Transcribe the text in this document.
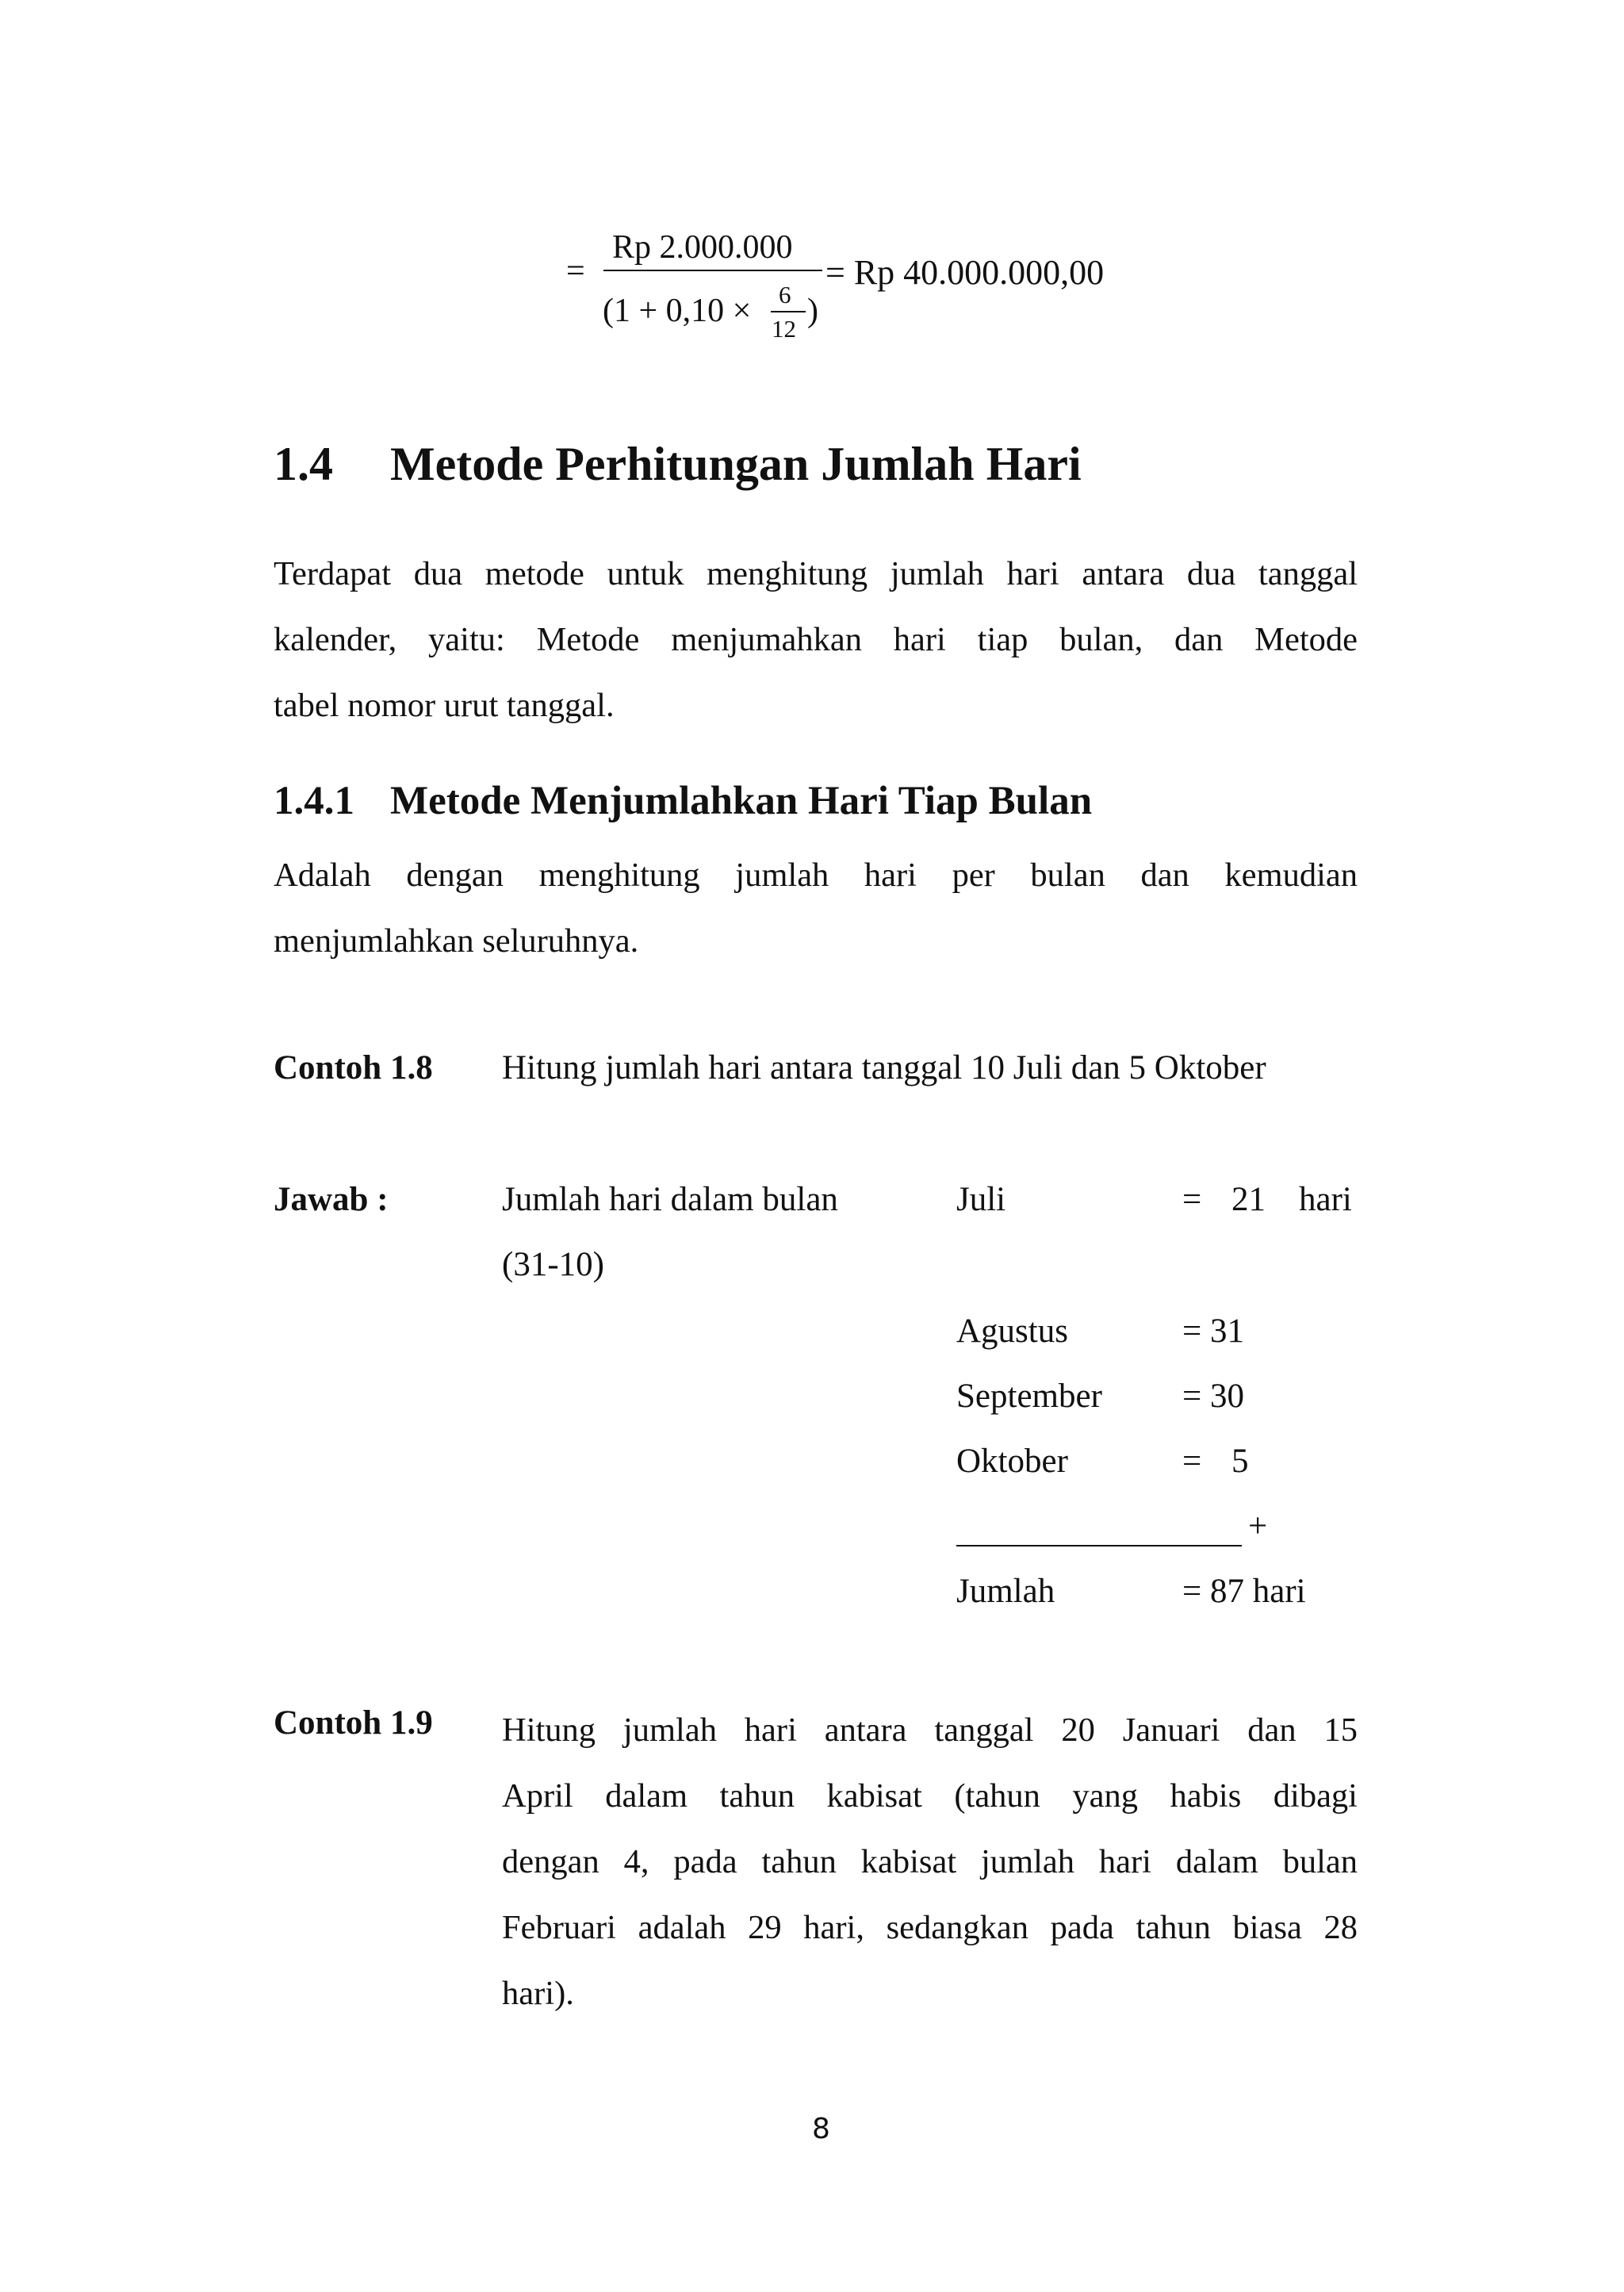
=
Rp 2.000.000
(1 + 0,10 × 6
12 )
= Rp 40.000.000,00
1.4 Metode Perhitungan Jumlah Hari
Terdapat dua metode untuk menghitung jumlah hari antara dua tanggal
kalender, yaitu: Metode menjumahkan hari tiap bulan, dan Metode
tabel nomor urut tanggal.
1.4.1 Metode Menjumlahkan Hari Tiap Bulan
Adalah dengan menghitung jumlah hari per bulan dan kemudian
menjumlahkan seluruhnya.
Contoh 1.8 Hitung jumlah hari antara tanggal 10 Juli dan 5 Oktober
Jawab :	Jumlah hari dalam bulan
(31-10)
Juli	= 21 hari
Agustus	= 31
September = 30
Oktober	= 5
+
Jumlah	= 87 hari
Contoh 1.9 Hitung jumlah hari antara tanggal 20 Januari dan 15
April dalam tahun kabisat (tahun yang habis dibagi
dengan 4, pada tahun kabisat jumlah hari dalam bulan
Februari adalah 29 hari, sedangkan pada tahun biasa 28
hari).
8
